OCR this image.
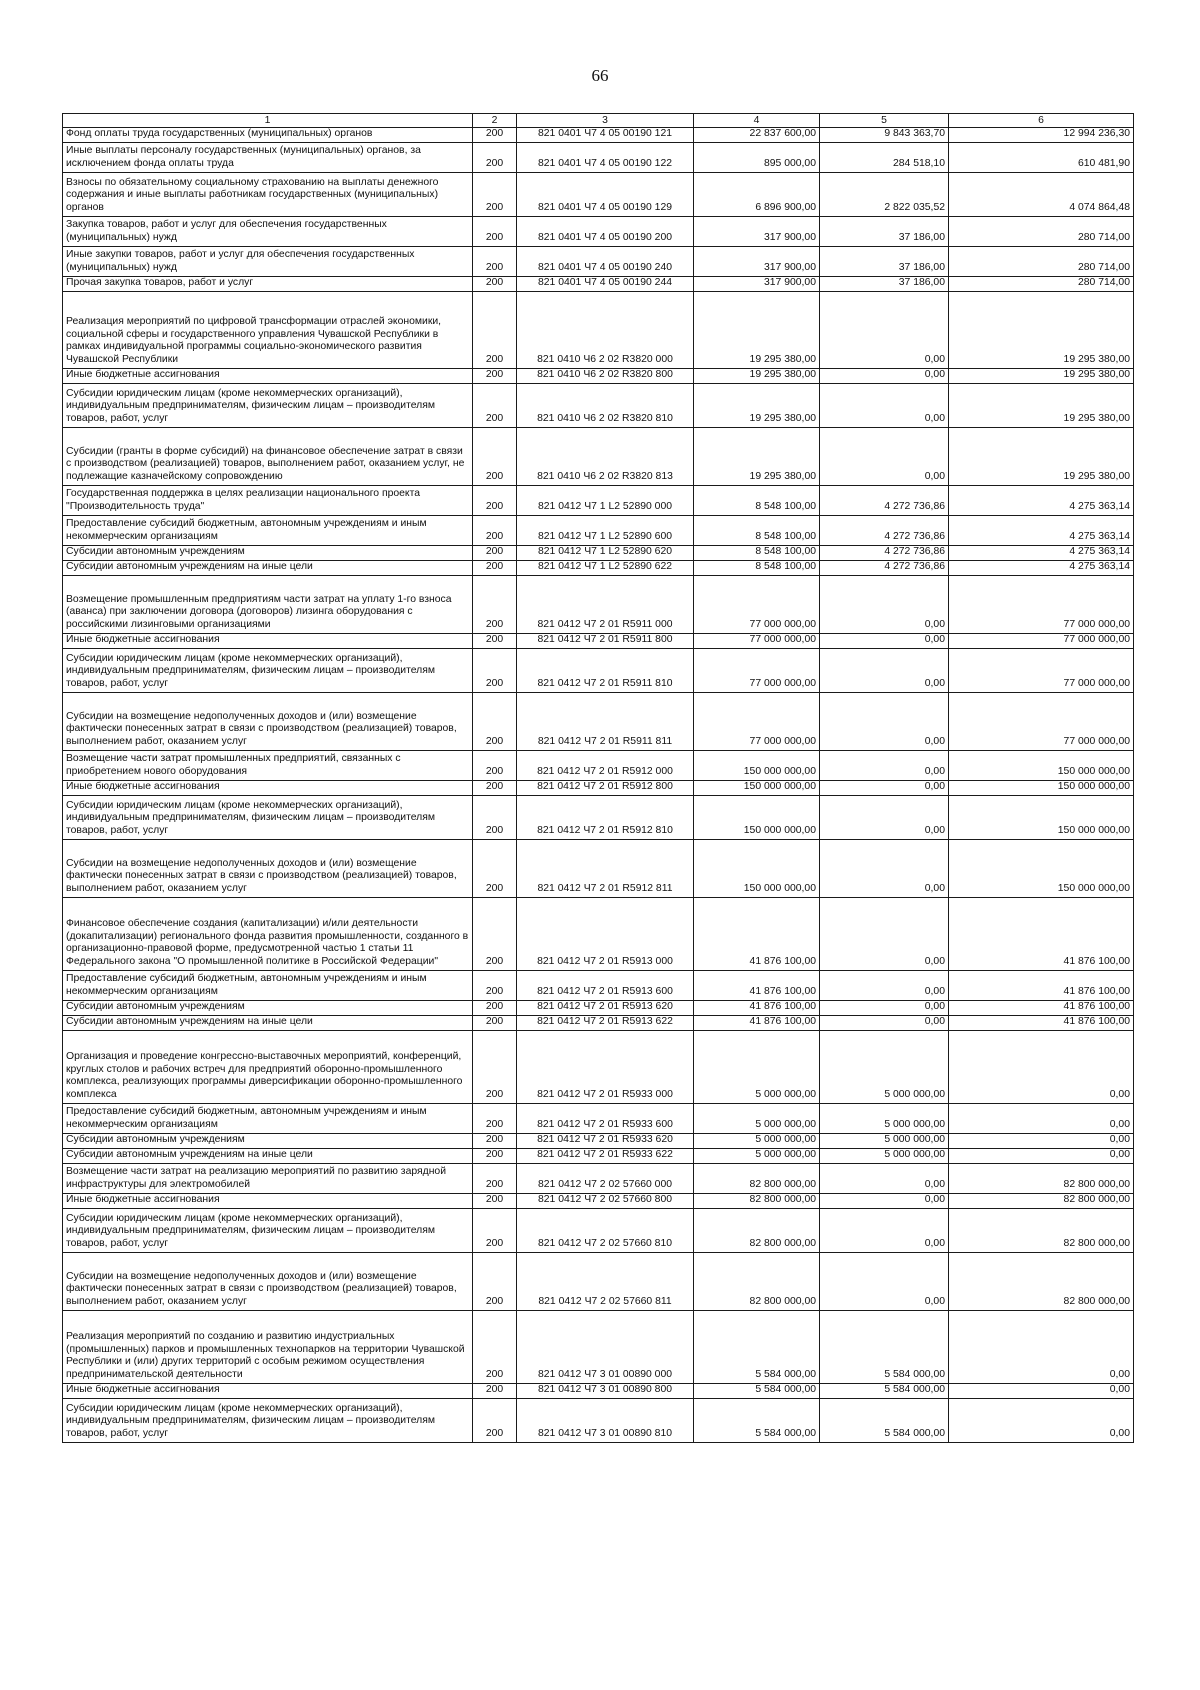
66
1	2	3	4	5	6
Фонд оплаты труда государственных (муниципальных) органов	200	821 0401 Ч7 4 05 00190 121	22 837 600,00	9 843 363,70	12 994 236,30
Иные выплаты персоналу государственных (муниципальных) органов, за исключением фонда оплаты труда	200	821 0401 Ч7 4 05 00190 122	895 000,00	284 518,10	610 481,90
Взносы по обязательному социальному страхованию на выплаты денежного содержания и иные выплаты работникам государственных (муниципальных) органов	200	821 0401 Ч7 4 05 00190 129	6 896 900,00	2 822 035,52	4 074 864,48
Закупка товаров, работ и услуг для обеспечения государственных (муниципальных) нужд	200	821 0401 Ч7 4 05 00190 200	317 900,00	37 186,00	280 714,00
Иные закупки товаров, работ и услуг для обеспечения государственных (муниципальных) нужд	200	821 0401 Ч7 4 05 00190 240	317 900,00	37 186,00	280 714,00
Прочая закупка товаров, работ и услуг	200	821 0401 Ч7 4 05 00190 244	317 900,00	37 186,00	280 714,00
Реализация мероприятий по цифровой трансформации отраслей экономики, социальной сферы и государственного управления Чувашской Республики в рамках индивидуальной программы социально-экономического развития Чувашской Республики	200	821 0410 Ч6 2 02 R3820 000	19 295 380,00	0,00	19 295 380,00
Иные бюджетные ассигнования	200	821 0410 Ч6 2 02 R3820 800	19 295 380,00	0,00	19 295 380,00
Субсидии юридическим лицам (кроме некоммерческих организаций), индивидуальным предпринимателям, физическим лицам – производителям товаров, работ, услуг	200	821 0410 Ч6 2 02 R3820 810	19 295 380,00	0,00	19 295 380,00
Субсидии (гранты в форме субсидий) на финансовое обеспечение затрат в связи с производством (реализацией) товаров, выполнением работ, оказанием услуг, не подлежащие казначейскому сопровождению	200	821 0410 Ч6 2 02 R3820 813	19 295 380,00	0,00	19 295 380,00
Государственная поддержка в целях реализации национального проекта "Производительность труда"	200	821 0412 Ч7 1 L2 52890 000	8 548 100,00	4 272 736,86	4 275 363,14
Предоставление субсидий бюджетным, автономным учреждениям и иным некоммерческим организациям	200	821 0412 Ч7 1 L2 52890 600	8 548 100,00	4 272 736,86	4 275 363,14
Субсидии автономным учреждениям	200	821 0412 Ч7 1 L2 52890 620	8 548 100,00	4 272 736,86	4 275 363,14
Субсидии автономным учреждениям на иные цели	200	821 0412 Ч7 1 L2 52890 622	8 548 100,00	4 272 736,86	4 275 363,14
Возмещение промышленным предприятиям части затрат на уплату 1-го взноса (аванса) при заключении договора (договоров) лизинга оборудования с российскими лизинговыми организациями	200	821 0412 Ч7 2 01 R5911 000	77 000 000,00	0,00	77 000 000,00
Иные бюджетные ассигнования	200	821 0412 Ч7 2 01 R5911 800	77 000 000,00	0,00	77 000 000,00
Субсидии юридическим лицам (кроме некоммерческих организаций), индивидуальным предпринимателям, физическим лицам – производителям товаров, работ, услуг	200	821 0412 Ч7 2 01 R5911 810	77 000 000,00	0,00	77 000 000,00
Субсидии на возмещение недополученных доходов и (или) возмещение фактически понесенных затрат в связи с производством (реализацией) товаров, выполнением работ, оказанием услуг	200	821 0412 Ч7 2 01 R5911 811	77 000 000,00	0,00	77 000 000,00
Возмещение части затрат промышленных предприятий, связанных с приобретением нового оборудования	200	821 0412 Ч7 2 01 R5912 000	150 000 000,00	0,00	150 000 000,00
Иные бюджетные ассигнования	200	821 0412 Ч7 2 01 R5912 800	150 000 000,00	0,00	150 000 000,00
Субсидии юридическим лицам (кроме некоммерческих организаций), индивидуальным предпринимателям, физическим лицам – производителям товаров, работ, услуг	200	821 0412 Ч7 2 01 R5912 810	150 000 000,00	0,00	150 000 000,00
Субсидии на возмещение недополученных доходов и (или) возмещение фактически понесенных затрат в связи с производством (реализацией) товаров, выполнением работ, оказанием услуг	200	821 0412 Ч7 2 01 R5912 811	150 000 000,00	0,00	150 000 000,00
Финансовое обеспечение создания (капитализации) и/или деятельности (докапитализации) регионального фонда развития промышленности, созданного в организационно-правовой форме, предусмотренной частью 1 статьи 11 Федерального закона "О промышленной политике в Российской Федерации"	200	821 0412 Ч7 2 01 R5913 000	41 876 100,00	0,00	41 876 100,00
Предоставление субсидий бюджетным, автономным учреждениям и иным некоммерческим организациям	200	821 0412 Ч7 2 01 R5913 600	41 876 100,00	0,00	41 876 100,00
Субсидии автономным учреждениям	200	821 0412 Ч7 2 01 R5913 620	41 876 100,00	0,00	41 876 100,00
Субсидии автономным учреждениям на иные цели	200	821 0412 Ч7 2 01 R5913 622	41 876 100,00	0,00	41 876 100,00
Организация и проведение конгрессно-выставочных мероприятий, конференций, круглых столов и рабочих встреч для предприятий оборонно-промышленного комплекса, реализующих программы диверсификации оборонно-промышленного комплекса	200	821 0412 Ч7 2 01 R5933 000	5 000 000,00	5 000 000,00	0,00
Предоставление субсидий бюджетным, автономным учреждениям и иным некоммерческим организациям	200	821 0412 Ч7 2 01 R5933 600	5 000 000,00	5 000 000,00	0,00
Субсидии автономным учреждениям	200	821 0412 Ч7 2 01 R5933 620	5 000 000,00	5 000 000,00	0,00
Субсидии автономным учреждениям на иные цели	200	821 0412 Ч7 2 01 R5933 622	5 000 000,00	5 000 000,00	0,00
Возмещение части затрат на реализацию мероприятий по развитию зарядной инфраструктуры для электромобилей	200	821 0412 Ч7 2 02 57660 000	82 800 000,00	0,00	82 800 000,00
Иные бюджетные ассигнования	200	821 0412 Ч7 2 02 57660 800	82 800 000,00	0,00	82 800 000,00
Субсидии юридическим лицам (кроме некоммерческих организаций), индивидуальным предпринимателям, физическим лицам – производителям товаров, работ, услуг	200	821 0412 Ч7 2 02 57660 810	82 800 000,00	0,00	82 800 000,00
Субсидии на возмещение недополученных доходов и (или) возмещение фактически понесенных затрат в связи с производством (реализацией) товаров, выполнением работ, оказанием услуг	200	821 0412 Ч7 2 02 57660 811	82 800 000,00	0,00	82 800 000,00
Реализация мероприятий по созданию и развитию индустриальных (промышленных) парков и промышленных технопарков на территории Чувашской Республики и (или) других территорий с особым режимом осуществления предпринимательской деятельности	200	821 0412 Ч7 3 01 00890 000	5 584 000,00	5 584 000,00	0,00
Иные бюджетные ассигнования	200	821 0412 Ч7 3 01 00890 800	5 584 000,00	5 584 000,00	0,00
Субсидии юридическим лицам (кроме некоммерческих организаций), индивидуальным предпринимателям, физическим лицам – производителям товаров, работ, услуг	200	821 0412 Ч7 3 01 00890 810	5 584 000,00	5 584 000,00	0,00
